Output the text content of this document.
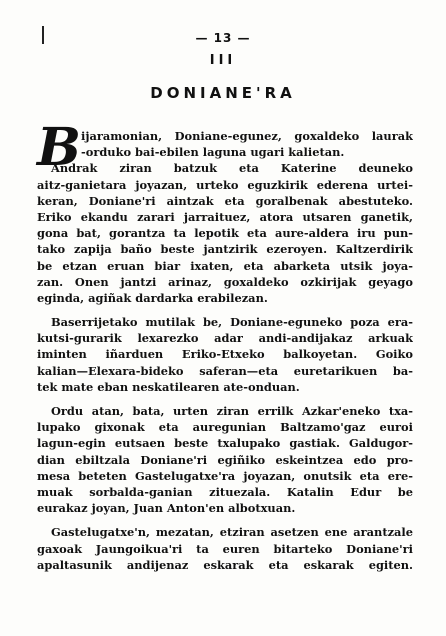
— 13 —
III
DONIANE'RA
B ijaramonian, Doniane-egunez, goxaldeko laurak
-orduko bai-ebilen laguna ugari kalietan.
Andrak ziran batzuk eta Katerine deuneko
aitz-ganietara joyazan, urteko eguzkirik ederena urtei-
keran, Doniane'ri aintzak eta goralbenak abestuteko.
Eriko ekandu zarari jarraituez, atora utsaren ganetik,
gona bat, gorantza ta lepotik eta aure-aldera iru pun-
tako zapija baño beste jantzirik ezeroyen. Kaltzerdirik
be etzan eruan biar ixaten, eta abarketa utsik joya-
zan. Onen jantzi arinaz, goxaldeko ozkirijak geyago
egindа, agiñak dardarka erabilezan.
Baserrijetako mutilak be, Doniane-eguneko poza era-
kutsi-gurarik lexarezko adar andi-andijakaz arkuak
iminten iñarduen Eriko-Etxeko balkoyetan. Goiko
kalian—Elexara-bideko saferan—eta euretarikuen ba-
tek mate eban neskatilearen ate-onduan.
Ordu atan, bata, urten ziran errilk Azkar'eneko txa-
lupako gixonak eta auregunian Baltzamo'gaz euroi
lagun-egin eutsaen beste txalupako gastiak. Galdugor-
dian ebiltzala Doniane'ri egiñiko eskeintzea edo pro-
mesa beteten Gastelugatxe'ra joyazan, onutsik eta ere-
muak sorbalda-ganian zituezala. Katalin Edur be
eurakaz joyan, Juan Anton'en albotxuan.
Gastelugatxe'n, mezatan, etziran asetzen ene arantzale
gaxoak Jaungoikua'ri ta euren bitarteko Doniane'ri
apaltasunik andijenaz eskarak eta eskarak egiten.
